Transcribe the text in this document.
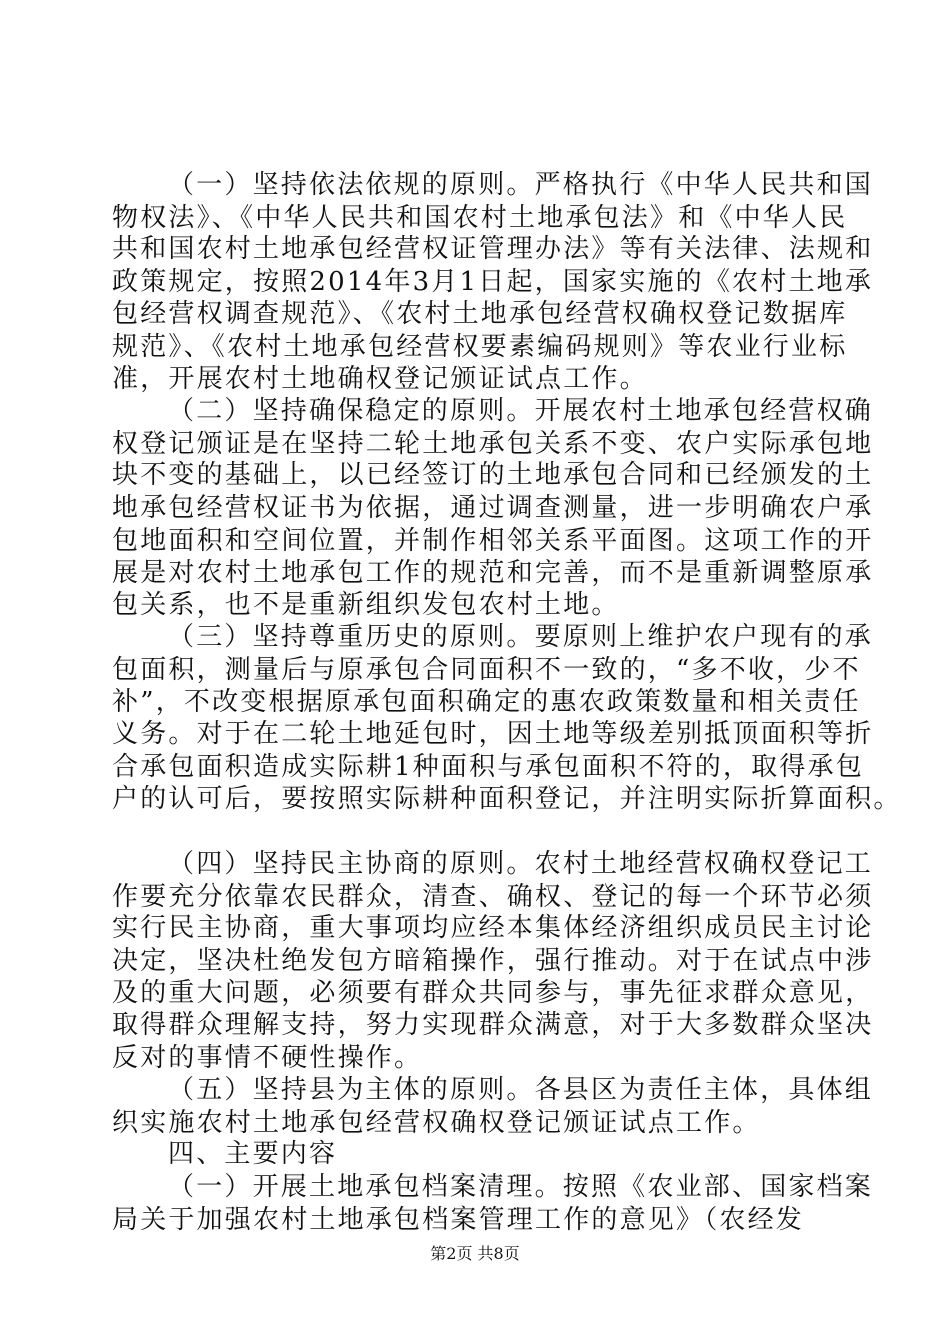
（一）坚持依法依规的原则。严格执行《中华人民共和国
物权法》、《中华人民共和国农村土地承包法》和《中华人民
共和国农村土地承包经营权证管理办法》等有关法律、法规和
政策规定，按照2014年3月1日起，国家实施的《农村土地承
包经营权调查规范》、《农村土地承包经营权确权登记数据库
规范》、《农村土地承包经营权要素编码规则》等农业行业标
准，开展农村土地确权登记颁证试点工作。
（二）坚持确保稳定的原则。开展农村土地承包经营权确
权登记颁证是在坚持二轮土地承包关系不变、农户实际承包地
块不变的基础上，以已经签订的土地承包合同和已经颁发的土
地承包经营权证书为依据，通过调查测量，进一步明确农户承
包地面积和空间位置，并制作相邻关系平面图。这项工作的开
展是对农村土地承包工作的规范和完善，而不是重新调整原承
包关系，也不是重新组织发包农村土地。
（三）坚持尊重历史的原则。要原则上维护农户现有的承
包面积，测量后与原承包合同面积不一致的，“多不收，少不
补”，不改变根据原承包面积确定的惠农政策数量和相关责任
义务。对于在二轮土地延包时，因土地等级差别抵顶面积等折
合承包面积造成实际耕1种面积与承包面积不符的，取得承包
户的认可后，要按照实际耕种面积登记，并注明实际折算面积。
（四）坚持民主协商的原则。农村土地经营权确权登记工
作要充分依靠农民群众，清查、确权、登记的每一个环节必须
实行民主协商，重大事项均应经本集体经济组织成员民主讨论
决定，坚决杜绝发包方暗箱操作，强行推动。对于在试点中涉
及的重大问题，必须要有群众共同参与，事先征求群众意见，
取得群众理解支持，努力实现群众满意，对于大多数群众坚决
反对的事情不硬性操作。
（五）坚持县为主体的原则。各县区为责任主体，具体组
织实施农村土地承包经营权确权登记颁证试点工作。
四、主要内容
（一）开展土地承包档案清理。按照《农业部、国家档案
局关于加强农村土地承包档案管理工作的意见》（农经发
第2页 共8页
